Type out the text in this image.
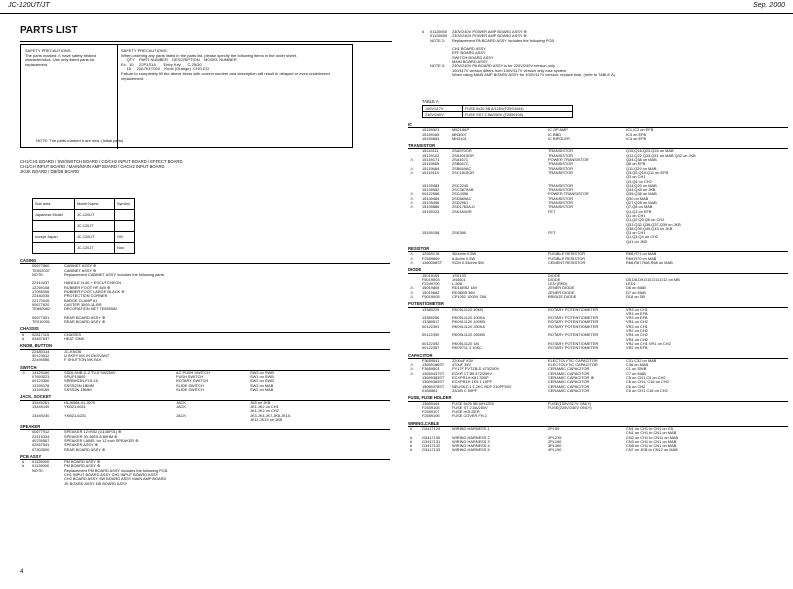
JC-120UT/JT	Sep. 2000
PARTS LIST
SAFETY PRECAUTIONS:
The parts marked ⚠ have safety related characteristics. Use only listed parts for replacement.
SAFETY PRECAUTIONS:
When ordering any parts listed in the parts list, please specify the following items in the order sheet.
QTY    PART NUMBER    DESCRIPTION    MODEL NUMBER
Ex.  10     22P1S1A       Entry Key      C-25/30
15     22A7K1T000    Knob (Orange)  CHG-EO
Failure to completely fill the above items with correct number and description will result in delayed or even undelivered replacement.
NOTE: The parts marked # are new. (Initial parts)
CH1/CH1 BOARD / SW/SWITCH BOARD / CD/CH2 INPUT BOARD / EFFECT BOARD
CH1/CH INPUT BOARD / MAIN/MAIN AMP BOARD / CHCH2 INPUT BOARD
JK/JK BOARD / DB/DB BOARD
Sub area	Model Name	Symbol
Japanese Model	JC-120UT	
	JC-120JT	
except Japan	JC-120UT	ON
	JC-120JT	Non
CASING
00677860	CABINET ASSY ⊕
TE002037	CABINET ASSY ⊕
NOTE:	Replacement CABINET ASSY includes the following parts.
22410037	HANDLE H-40 + ESCUTCHEON
12259108	RUBBER FOOT HF-600 ⊕
17055008	RUBBER FOOT LARGE BLACK ⊕
22440035	PROTECTION CORNER
22170045	BADGE CLAMP 61
00677620	CASTER 3009-11-BR
TE890082	DECORATION NET TE890082
00677501	REAR BOARD ASSY ⊕
TE010091	REAR BOARD ASSY ⊕
CHASSIS
# 02817115	CHASSIS
# 03457637	HEAT SINK
KNOB, BUTTON
22485314	JC-KNOB
00123512	U SKEY MX IN DIGIVANT
22495556	F SHUTTON MK BLK
SWITCH
⚠ 13129160	SDDLSHB-D-2 TV-5 SW250V	AC PUSH SWITCH	SW3 on SWB
07693023	SPUP10800	PUSH SWITCH	SW1 on SWB
00123350	SRRMIS3N-F15-16	ROTARY SWITCH	SW2 on SWB
13159178	SSSS23N 1BMM	SLIDE SWITCH	SW3 on MAB
13159169	SSSS2N 1BMM	SLIDE SWITCH	SW2 on MAB
JACK, SOCKET
33449261	HLJ6568-01-3070	JACK	JK6 on JKB
13449149	YKB21-6011	JACK	JK1,JK2 on CH1
JK1,JK2 on CH2
13449240	YKB21-6231	JACK	JK3,JK4,JK7,JK8,JK10,
JK11,JK13 on JKB
SPEAKER
00677912	SPEAKER 12×R52 (G106F01) ⊕
22415334	SPEAKER 30-16E0-8 80HM ⊕
40239567	SPEAKER LABEL for 12 inch SPEAKER ⊕
02557541	SPEAKER ASSY ⊕
07303500	REAR BOARD ASSY ⊕
PCB ASSY
# 01126900	PM BOARD ASSY ⊕
# 01126900	PM BOARD ASSY ⊕
NOTE:	Replacement PM BOARD ASSY includes the following PCB.
CH1 INPUT BOARD ASSY CH2 INPUT BOARD ASSY
CH2 BOARD ASSY SW BOARD ASSY MAIN AMP BOARD
JK BOARD ASSY DB BOARD ASSY
# 01126900 230V/240V POWER AMP BOARD ASSY ⊕
01126900 230V/240V POWER AMP BOARD ASSY ⊕
NOTE 2: Replacement PA BOARD ASSY includes the following PCB.
CH1 BOARD ASSY
EFF BOARD ASSY
SWITCH BOARD ASSY
MAIN BOARD ASSY
NOTE 3: 230V/240V PA BOARD ASSY is for 220V/240V version only.
100/117V version differs from 100V/117V version only fuse system.
When using MAIN AMP BOARD ASSY for 100V/117V version, replace fuse. (refer to TABLE A)
TABLE A
100V/117V	FUSE 5x20 5B A/125V(F25S4444)
230V/240V	FUSE SST 2.5A/250V (F2559105)
IC
15159521	M5218AP	IC OP AMP	IC1,IC2 on EFB
15159165	MN3007	IC BBD	IC3 on EFB
15159664	MN3101	IC BIPOLER	IC4 on EFB
TRANSISTOR
15119111	2SA970GR	TRANSISTOR	Q15,Q16,Q23,Q24 on MAB
15129102	2SA1015GR	TRANSISTOR	Q12,Q22,Q33,Q41 on MAB Q42 on JKB
⚠ 15149171	2SA1671	POWER TRANSISTOR	Q34,Q38 on MAB
15119859	2SB647C	TRANSISTOR	Q8 on EFB
⚠ 15119684	2SB649AC	TRANSISTOR	Q11,Q29 on MAB
⚠ 15119114	2SC1815GR	TRANSISTOR	Q3,Q5,Q10,Q11 on EFB
Q3 on CH1
Q3,Q5 on CH2
15139483	2SC2240	TRANSISTOR	Q14,Q20 on MAB
15139552	2SC3879AB	TRANSISTOR	Q44,Q45 on JKB
⚠ 00122566	2SC4396	POWER TRANSISTOR	Q35,Q36 on MAB
⚠ 15139484	2SD669AC	TRANSISTOR	Q30 on MAB
⚠ 15139496	2SD2061	TRANSISTOR	Q27,Q28 on MAB
⚠ 15139886	2SD1763A-D	TRANSISTOR	Q7,Q8 on MAB
15159123	2SK184GR	FET	Q1,Q3 on EFB
Q1 on CH1
Q1,Q2,Q5,Q6 on CH2
Q31,Q32,Q36,Q37,Q39 on JKB
Q38,Q39,Q40,Q43 on JKB
15159158	2SK386	FET	Q3 on CH1
Q1,Q3,Q4 on CH2
Q41 on JKB
RESISTOR
⚠ 12559178	300ohm 0.5W	FUSIBLE RESISTOR	R68,R71 on MAB
⚠ F2559869	6.8ohm 0.5W	FUSIBLE RESISTOR	R69,R70 on MAB
⚠ 1360056ST	SCM 0.33ohm 5W	CEMENT RESISTOR	R66,R67,R68,R68 on MAB
DIODE
15019169	1SS133	DIODE
F5019003	1N4001	DIODE	D5,D8,D9,D10,D11,D12 on MB
F2249700	L-608	LED (RED)	LED1
⚠ 15019805	RD16EB2 18V	ZENER DIODE	D6 on MAB
⚠ 15019662	RD36EB 36V	ZENER DIODE	D7 on MAB
⚠ F5019005	CP1002 1000V 25A	BRIDGE DIODE	D18 on DB
POTENTIOMETER
13389229	RK09L1120 10KB	ROTARY POTENTIOMETER	VR3 on CH1
VR1 on EFB
13389256	RK09L1120 100KA	ROTARY POTENTIOMETER	VR3 on EFB
13389517	RK09L1120 100KB	ROTARY POTENTIOMETER	VR4 on CH2
00122391	RK09L1120 250KA	ROTARY POTENTIOMETER	VR3 on CH1
VR2 on CH2
00122390	RK09L1120 250KB	ROTARY POTENTIOMETER	VR4 on CH2
VR4 on CH2
00122392	RK09L1120 1M	ROTARY POTENTIOMETER	VR2 on CH1 VR1 on CH2
00122357	RK09711 1 10KC	ROTARY POTENTIOMETER	VR2 on EFB
CAPACITOR
F3659541	2200uF 63V	ELECTOLYTIC CAPACITOR	C31,C32 on MAB
⚠ 13659186ST 470uF 35V	ELECTOLYTIC CAPACITOR	C36 on MAB
⚠ F3659501	PY17F FVTZB-D 473/250V	CERAMIC CAPACITOR	C1 on SWB
⚠ 13659437ST ECKR 1T B0 472/250V	CERAMIC CAPACITOR	C7 on MAB
13699383ST ECXPR1H K81 330P	CERAMIC CAPACITOR ⊕	C5 on CH1 C5 on CH2
13699383ST ECXPR1H 1K5 1 10PF	CERAMIC CAPACITOR	C6 on CH1, C16 on CH2
15069378ST NEUSKZ-1 1.2KC BDF 210PF50V	CERAMIC CAPACITOR	C6 on CH2
01B0881	ZA1/B C 50PF	CERAMIC CAPACITOR	C5 on CH1 C16 on CH2
FUSE, FUSE HOLDER
13659444	FUSE 5x20 5B A/H125V	FUSE(100V/117V ONLY)
F2559105	FUSE ST 2.5A/250V	FUSE(220V/240V ONLY)
F2559107	FUSE HOLDER
F2559106	FUSE COVER FH-1
WIRING,CABLE
#	G3417129	WIRING HARNESS 1	2PL50	CN1 on CH1 to CN1 on G5,
CN1 on CH1 to CN1 on MAB
#	G3417130	WIRING HARNESS 2	2PL215	CN2 on CH1 to CN11 on MAB
#	G3417131	WIRING HARNESS 3	2PL160	CN3 on CH1 to CN1 on MAB
#	G3417132	WIRING HARNESS 4	3PL360	CN6 on CH1 to CN1 on MAB
#	G3417133	WIRING HARNESS 5	4PL190	CN7 on JKB to CN12 on MAB
4
